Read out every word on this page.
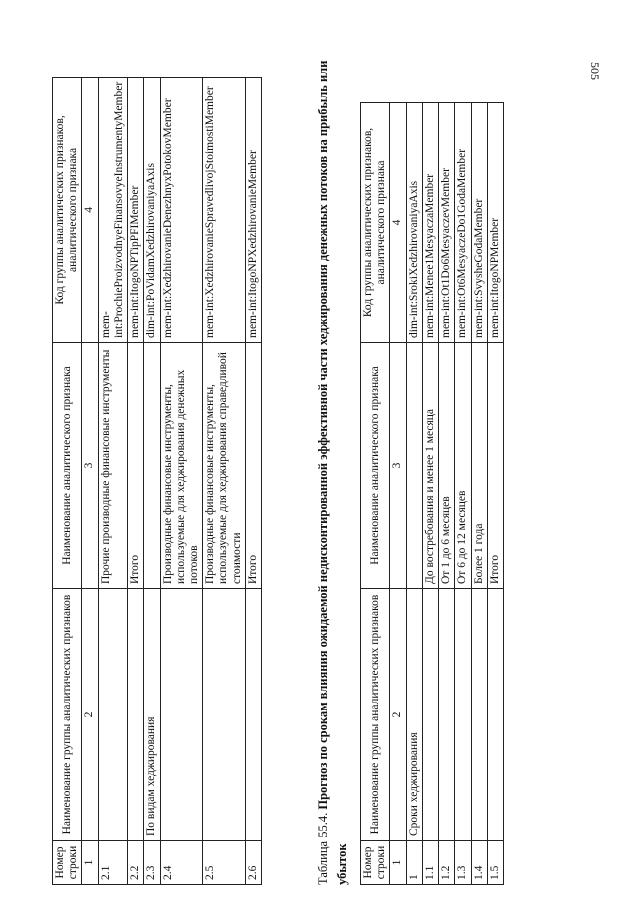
505
Номер строки	Наименование группы аналитических признаков	Наименование аналитического признака	Код группы аналитических признаков, аналитического признака
1	2	3	4
2.1		Прочие производные финансовые инструменты	mem-int:ProchieProizvodnyeFinansovyeInstrumentyMember
2.2		Итого	mem-int:ItogoNPTipPFIMember
2.3	По видам хеджирования		dim-int:PoVidamXedzhirovaniyaAxis
2.4		Производные финансовые инструменты, используемые для хеджирования денежных потоков	mem-int:XedzhirovanieDenezhnyxPotokovMember
2.5		Производные финансовые инструменты, используемые для хеджирования справедливой стоимости	mem-int:XedzhirovanieSpravedlivojStoimostiMember
2.6		Итого	mem-int:ItogoNPXedzhirovanieMember
Таблица 55.4. Прогноз по срокам влияния ожидаемой недисконтированной эффективной части хеджирования денежных потоков на прибыль или убыток Номер строки	Наименование группы аналитических признаков	Наименование аналитического признака	Код группы аналитических признаков, аналитического признака
1	2	3	4
1	Сроки хеджирования		dim-int:SrokiXedzhirovaniyaAxis
1.1		До востребования и менее 1 месяца	mem-int:Menee1MesyaczaMember
1.2		От 1 до 6 месяцев	mem-int:Ot1Do6MesyaczevMember
1.3		От 6 до 12 месяцев	mem-int:Ot6MesyaczeDo1GodaMember
1.4		Более 1 года	mem-int:SvysheGodaMember
1.5		Итого	mem-int:ItogoNPMember
